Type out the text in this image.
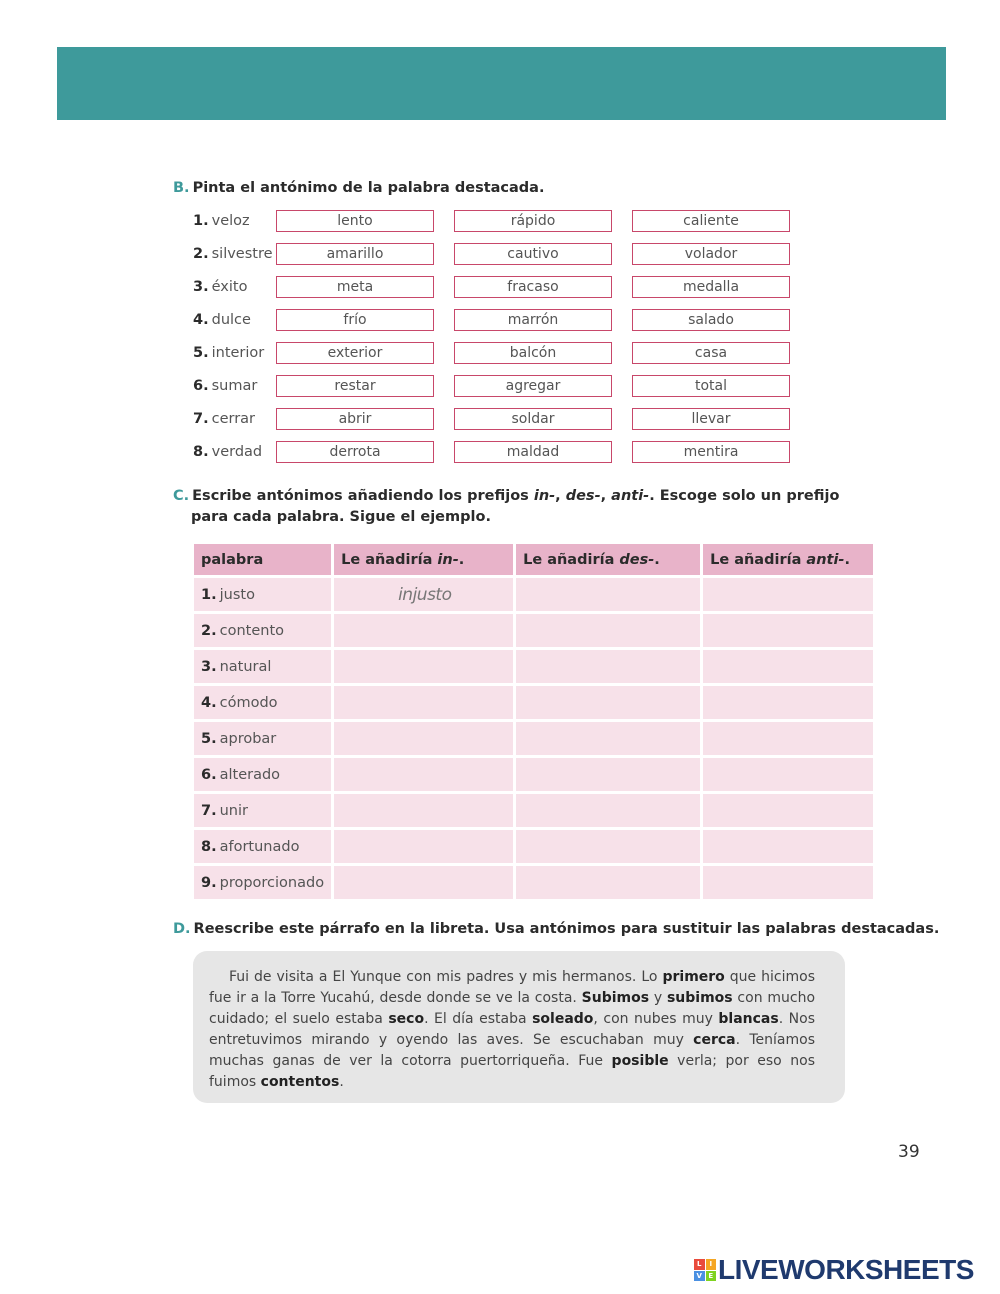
B. Pinta el antónimo de la palabra destacada.
1. veloz	lento	rápido	caliente
2. silvestre	amarillo	cautivo	volador
3. éxito	meta	fracaso	medalla
4. dulce	frío	marrón	salado
5. interior	exterior	balcón	casa
6. sumar	restar	agregar	total
7. cerrar	abrir	soldar	llevar
8. verdad	derrota	maldad	mentira
C. Escribe antónimos añadiendo los prefijos in-, des-, anti-. Escoge solo un prefijo
para cada palabra. Sigue el ejemplo.
palabra	Le añadiría in-.	Le añadiría des-.	Le añadiría anti-.
1. justo	injusto		
2. contento			
3. natural			
4. cómodo			
5. aprobar			
6. alterado			
7. unir			
8. afortunado			
9. proporcionado			
D. Reescribe este párrafo en la libreta. Usa antónimos para sustituir las palabras destacadas.

Fui de visita a El Yunque con mis padres y mis hermanos. Lo primero que hicimos fue ir a la Torre Yucahú, desde donde se ve la costa. Subimos y subimos con mucho cuidado; el suelo estaba seco. El día estaba soleado, con nubes muy blancas. Nos entretuvimos mirando y oyendo las aves. Se escuchaban muy cerca. Teníamos muchas ganas de ver la cotorra puertorriqueña. Fue posible verla; por eso nos fuimos contentos.

39
L	I
V E LIVEWORKSHEETS
